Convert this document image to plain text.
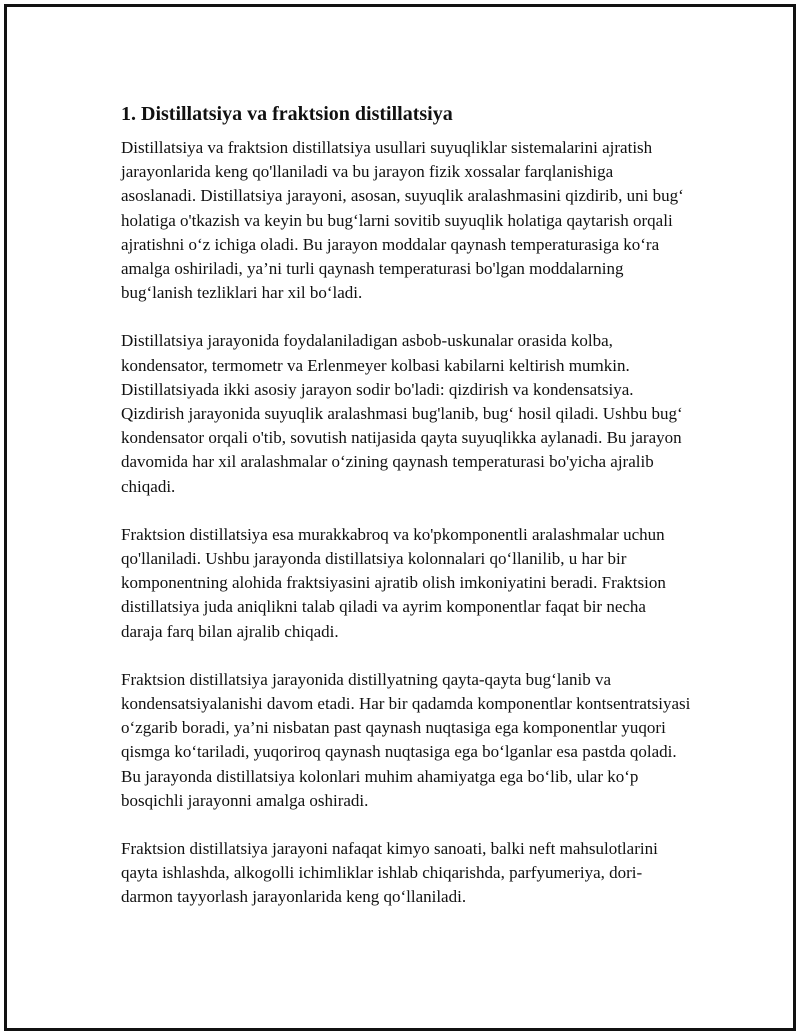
1. Distillatsiya va fraktsion distillatsiya

Distillatsiya va fraktsion distillatsiya usullari suyuqliklar sistemalarini ajratish jarayonlarida keng qo'llaniladi va bu jarayon fizik xossalar farqlanishiga asoslanadi. Distillatsiya jarayoni, asosan, suyuqlik aralashmasini qizdirib, uni bug‘ holatiga o'tkazish va keyin bu bug‘larni sovitib suyuqlik holatiga qaytarish orqali ajratishni o‘z ichiga oladi. Bu jarayon moddalar qaynash temperaturasiga ko‘ra amalga oshiriladi, ya’ni turli qaynash temperaturasi bo'lgan moddalarning bug‘lanish tezliklari har xil bo‘ladi.

Distillatsiya jarayonida foydalaniladigan asbob-uskunalar orasida kolba, kondensator, termometr va Erlenmeyer kolbasi kabilarni keltirish mumkin. Distillatsiyada ikki asosiy jarayon sodir bo'ladi: qizdirish va kondensatsiya. Qizdirish jarayonida suyuqlik aralashmasi bug'lanib, bug‘ hosil qiladi. Ushbu bug‘ kondensator orqali o'tib, sovutish natijasida qayta suyuqlikka aylanadi. Bu jarayon davomida har xil aralashmalar o‘zining qaynash temperaturasi bo'yicha ajralib chiqadi.

Fraktsion distillatsiya esa murakkabroq va ko'pkomponentli aralashmalar uchun qo'llaniladi. Ushbu jarayonda distillatsiya kolonnalari qo‘llanilib, u har bir komponentning alohida fraktsiyasini ajratib olish imkoniyatini beradi. Fraktsion distillatsiya juda aniqlikni talab qiladi va ayrim komponentlar faqat bir necha daraja farq bilan ajralib chiqadi.

Fraktsion distillatsiya jarayonida distillyatning qayta-qayta bug‘lanib va kondensatsiyalanishi davom etadi. Har bir qadamda komponentlar kontsentratsiyasi o‘zgarib boradi, ya’ni nisbatan past qaynash nuqtasiga ega komponentlar yuqori qismga ko‘tariladi, yuqoriroq qaynash nuqtasiga ega bo‘lganlar esa pastda qoladi. Bu jarayonda distillatsiya kolonlari muhim ahamiyatga ega bo‘lib, ular ko‘p bosqichli jarayonni amalga oshiradi.

Fraktsion distillatsiya jarayoni nafaqat kimyo sanoati, balki neft mahsulotlarini qayta ishlashda, alkogolli ichimliklar ishlab chiqarishda, parfyumeriya, dori-darmon tayyorlash jarayonlarida keng qo‘llaniladi.
